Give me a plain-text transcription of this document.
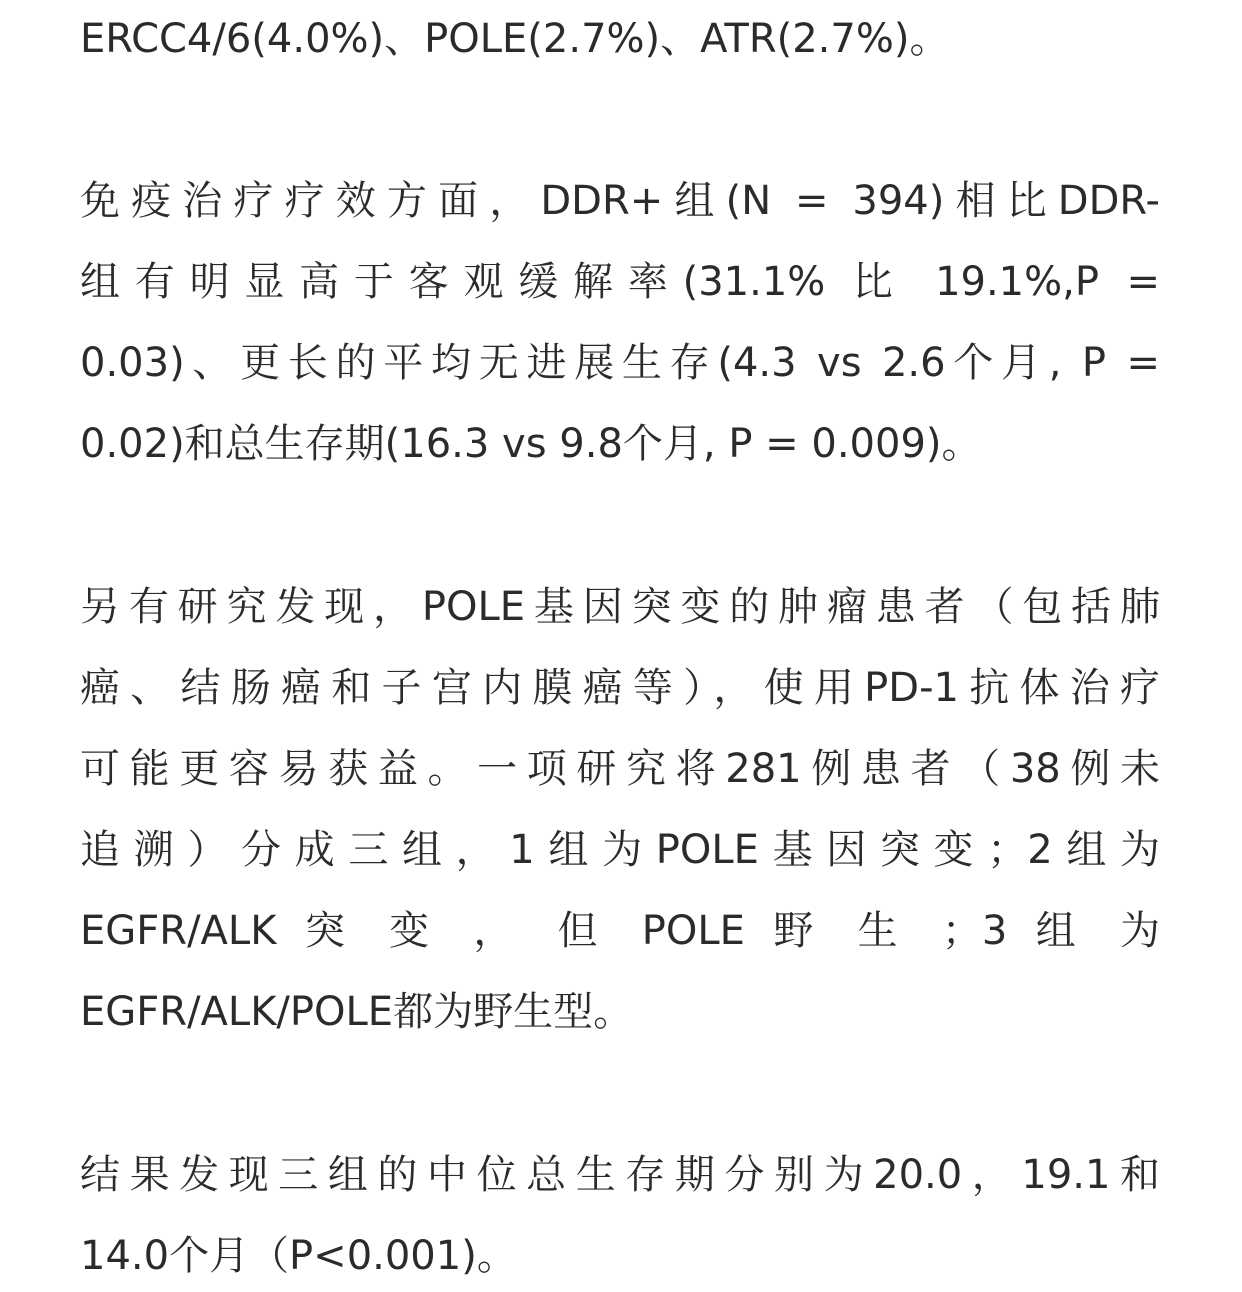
ERCC4/6(4.0%)、POLE(2.7%)、ATR(2.7%)。
免疫治疗疗效方面，DDR+组(N = 394)相比DDR-
组有明显高于客观缓解率(31.1% 比 19.1%,P =
0.03)、更长的平均无进展生存(4.3 vs 2.6个月, P =
0.02)和总生存期(16.3 vs 9.8个月, P = 0.009)。
另有研究发现，POLE基因突变的肿瘤患者（包括肺
癌、结肠癌和子宫内膜癌等），使用PD-1抗体治疗
可能更容易获益。一项研究将281例患者（38例未
追溯）分成三组，1组为POLE基因突变；2组为
EGFR/ALK 突 变 ， 但 POLE 野 生 ；3 组 为
EGFR/ALK/POLE都为野生型。
结果发现三组的中位总生存期分别为20.0，19.1和
14.0个月（P<0.001)。
